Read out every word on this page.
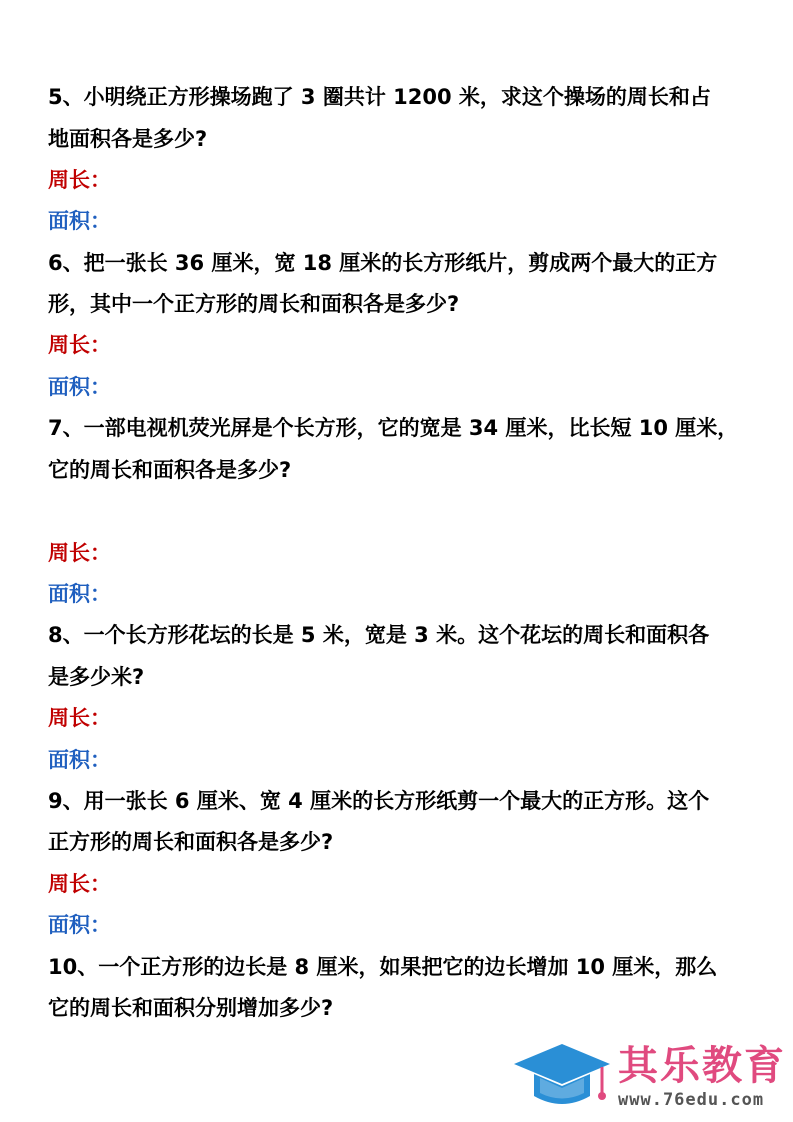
5、小明绕正方形操场跑了 3 圈共计 1200 米，求这个操场的周长和占
地面积各是多少?
周长：
面积：
6、把一张长 36 厘米，宽 18 厘米的长方形纸片，剪成两个最大的正方
形，其中一个正方形的周长和面积各是多少?
周长：
面积：
7、一部电视机荧光屏是个长方形，它的宽是 34 厘米，比长短 10 厘米，
它的周长和面积各是多少?
周长：
面积：
8、一个长方形花坛的长是 5 米，宽是 3 米。这个花坛的周长和面积各
是多少米?
周长：
面积：
9、用一张长 6 厘米、宽 4 厘米的长方形纸剪一个最大的正方形。这个
正方形的周长和面积各是多少?
周长：
面积：
10、一个正方形的边长是 8 厘米，如果把它的边长增加 10 厘米，那么
它的周长和面积分别增加多少?
其乐教育
www.76edu.com
